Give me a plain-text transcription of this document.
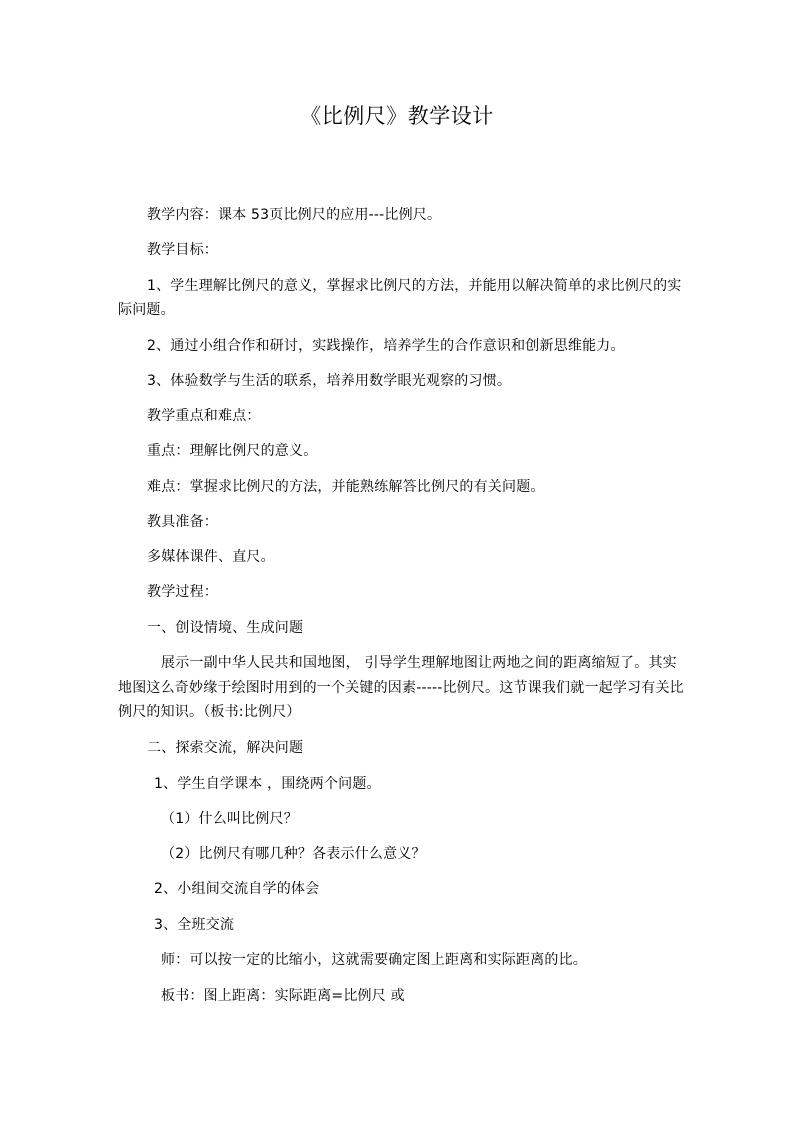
《比例尺》教学设计
教学内容：课本 53页比例尺的应用---比例尺。
教学目标：
1、学生理解比例尺的意义，掌握求比例尺的方法，并能用以解决简单的求比例尺的实
际问题。
2、通过小组合作和研讨，实践操作，培养学生的合作意识和创新思维能力。
3、体验数学与生活的联系，培养用数学眼光观察的习惯。
教学重点和难点：
重点：理解比例尺的意义。
难点：掌握求比例尺的方法，并能熟练解答比例尺的有关问题。
教具准备：
多媒体课件、直尺。
教学过程：
一、创设情境、生成问题
展示一副中华人民共和国地图， 引导学生理解地图让两地之间的距离缩短了。其实
地图这么奇妙缘于绘图时用到的一个关键的因素-----比例尺。这节课我们就一起学习有关比
例尺的知识。（板书:比例尺）
二、探索交流，解决问题
1、学生自学课本 ，围绕两个问题。
（1）什么叫比例尺？
（2）比例尺有哪几种？各表示什么意义？
2、小组间交流自学的体会
3、全班交流
师：可以按一定的比缩小，这就需要确定图上距离和实际距离的比。
板书：图上距离：实际距离=比例尺 或
